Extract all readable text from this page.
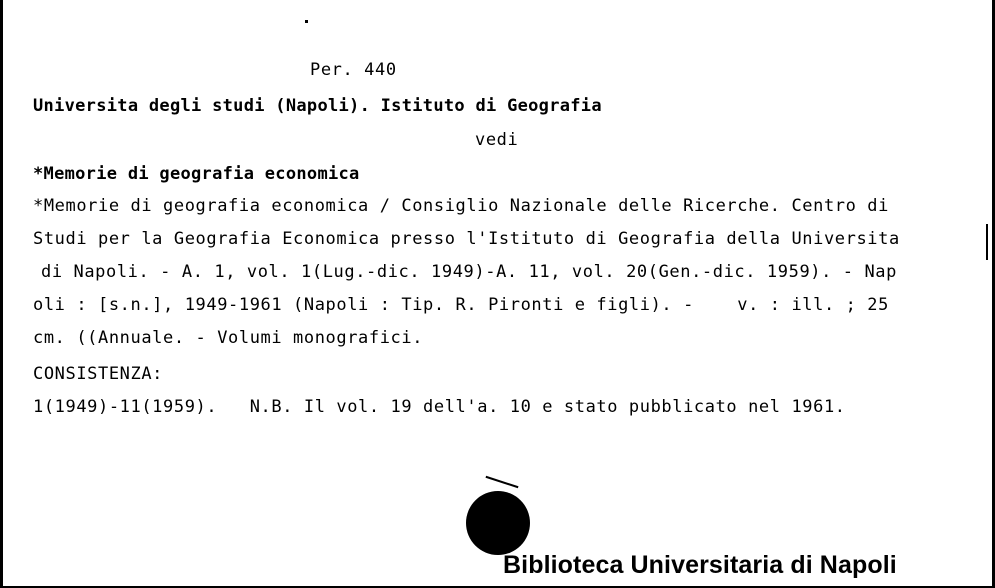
Per. 440
Universita degli studi (Napoli). Istituto di Geografia
vedi
*Memorie di geografia economica
*Memorie di geografia economica / Consiglio Nazionale delle Ricerche. Centro di
Studi per la Geografia Economica presso l'Istituto di Geografia della Universita
di Napoli. - A. 1, vol. 1(Lug.-dic. 1949)-A. 11, vol. 20(Gen.-dic. 1959). - Nap
oli : [s.n.], 1949-1961 (Napoli : Tip. R. Pironti e figli). -    v. : ill. ; 25
cm. ((Annuale. - Volumi monografici.
CONSISTENZA:
1(1949)-11(1959).   N.B. Il vol. 19 dell'a. 10 e stato pubblicato nel 1961.
Biblioteca Universitaria di Napoli
